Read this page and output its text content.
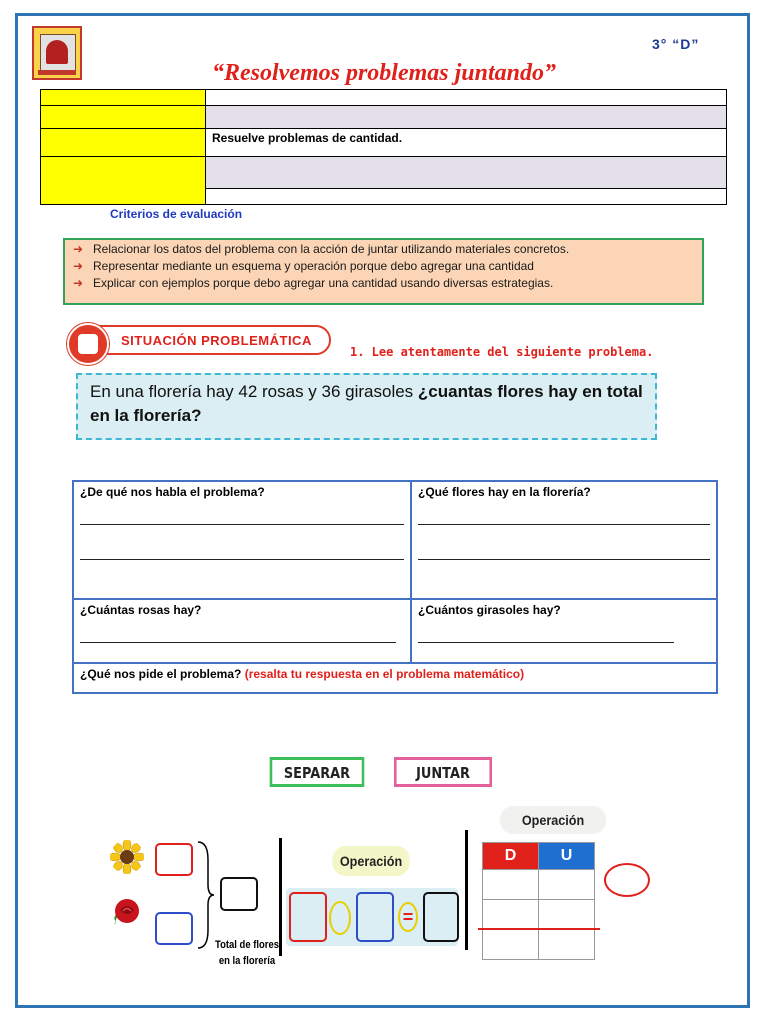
3° “D”
“Resolvemos problemas juntando”

	Resuelve problemas de cantidad.

Criterios de evaluación
➜ Relacionar los datos del problema con la acción de juntar utilizando materiales concretos.
➜ Representar mediante un esquema y operación porque debo agregar una cantidad
➜ Explicar con ejemplos porque debo agregar una cantidad usando diversas estrategias.
SITUACIÓN PROBLEMÁTICA
1. Lee atentamente del siguiente problema.
En una florería hay 42 rosas y 36 girasoles ¿cuantas flores hay en total en la florería?
¿De qué nos habla el problema?	¿Qué flores hay en la florería?
¿Cuántas rosas hay?	¿Cuántos girasoles hay?
¿Qué nos pide el problema? (resalta tu respuesta en el problema matemático)
SEPARAR	JUNTAR
Total de flores
en la florería
Operación
=
Operación
D	U
